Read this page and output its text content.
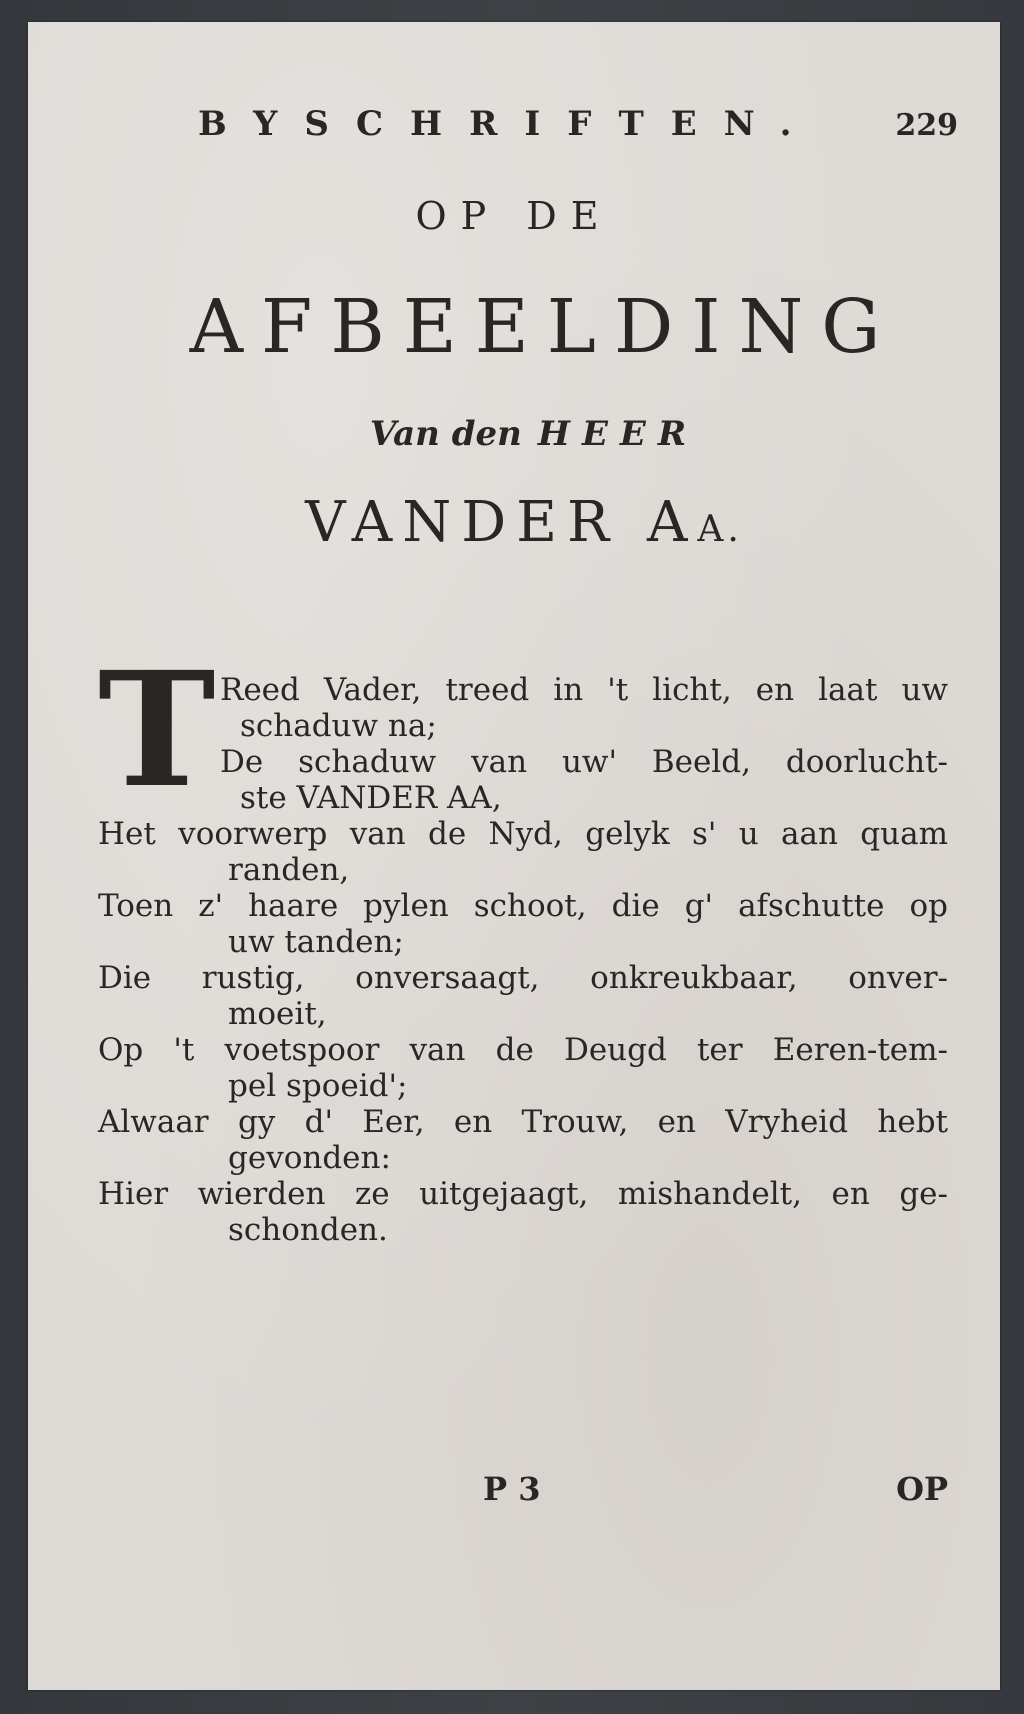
BYSCHRIFTEN.	229
OP DE
AFBEELDING
Van den HEER
VANDER AA.
T Reed Vader, treed in 't licht, en laat uw
schaduw na;
De schaduw van uw' Beeld, doorlucht-
ste VANDER AA,
Het voorwerp van de Nyd, gelyk s' u aan quam
randen,
Toen z' haare pylen schoot, die g' afschutte op
uw tanden;
Die rustig, onversaagt, onkreukbaar, onver-
moeit,
Op 't voetspoor van de Deugd ter Eeren-tem-
pel spoeid';
Alwaar gy d' Eer, en Trouw, en Vryheid hebt
gevonden:
Hier wierden ze uitgejaagt, mishandelt, en ge-
schonden.
P 3	OP
